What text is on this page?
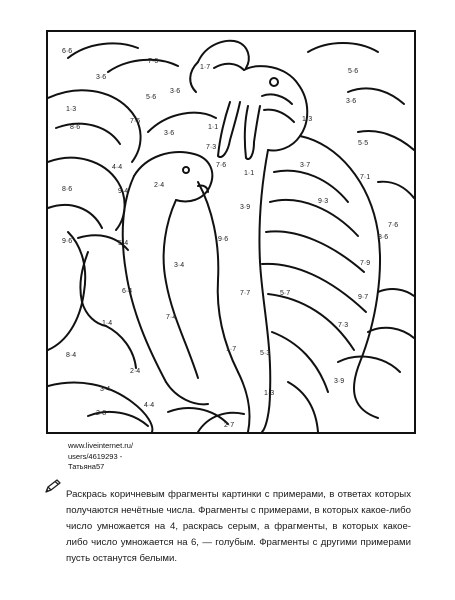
6·6
7·6
1·7
3·6
5·6
3·6
5·6
3·6
1·3
8·6
7·6
1·1
1·3
5·5
3·6
7·3
7·1
7·6
4·4	3·7
1·1
8·6	9·4
2·4
3·9
9·3
7·6
5·4
9·6
8·6
9·6
3·4	7·9
6·4	7·7	5·7
9·7
1·4
7·4
7·3
8·4
1·7
5·3
2·4
3·4
3·9
4·4
1·3
2·8
2·7
www.liveinternet.ru/
users/4619293 -
Татьяна57

Раскрась коричневым фрагменты картинки с примерами, в ответах которых получаются нечётные числа. Фрагменты с примерами, в которых какое-либо число умножается на 4, раскрась серым, а фрагменты, в которых какое-либо число умножается на 6, — голубым. Фрагменты с другими примерами пусть останутся белыми.
